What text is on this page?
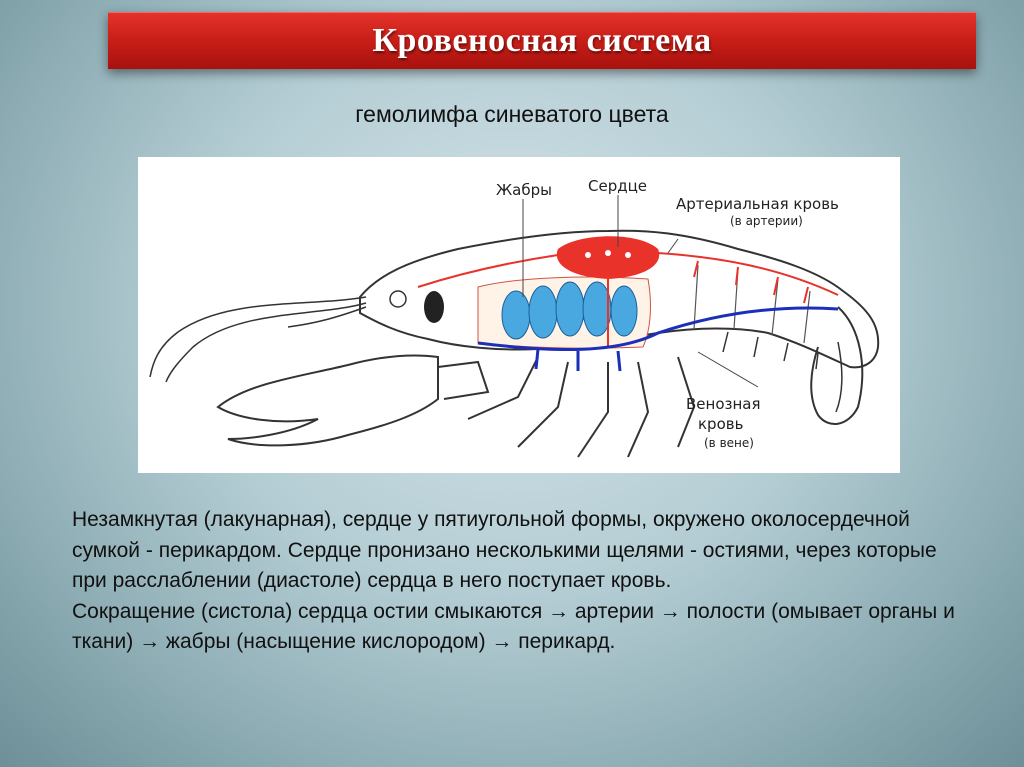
Кровеносная система
гемолимфа синеватого цвета
Жабры Сердце
Артериальная кровь
(в артерии)
Венозная
кровь
(в вене)

Незамкнутая (лакунарная), сердце у пятиугольной формы, окружено околосердечной сумкой - перикардом. Сердце пронизано несколькими щелями - остиями, через которые при расслаблении (диастоле) сердца в него поступает кровь.

Сокращение (систола) сердца остии смыкаются → артерии → полости (омывает органы и ткани) → жабры (насыщение кислородом) → перикард.
